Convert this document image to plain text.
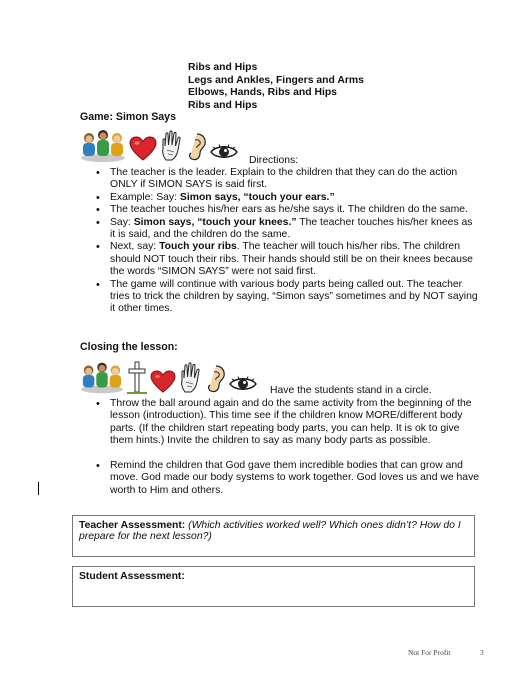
Ribs and Hips
Legs and Ankles, Fingers and Arms
Elbows, Hands, Ribs and Hips
Ribs and Hips
Game: Simon Says
Directions:
• The teacher is the leader. Explain to the children that they can do the action ONLY if SIMON SAYS is said first.
• Example: Say: Simon says, “touch your ears.”
• The teacher touches his/her ears as he/she says it. The children do the same.
• Say: Simon says, “touch your knees.” The teacher touches his/her knees as it is said, and the children do the same.
• Next, say: Touch your ribs. The teacher will touch his/her ribs. The children should NOT touch their ribs. Their hands should still be on their knees because the words “SIMON SAYS” were not said first.
• The game will continue with various body parts being called out. The teacher tries to trick the children by saying, “Simon says” sometimes and by NOT saying it other times.
Closing the lesson:
Have the students stand in a circle.
• Throw the ball around again and do the same activity from the beginning of the lesson (introduction). This time see if the children know MORE/different body parts. (If the children start repeating body parts, you can help. It is ok to give them hints.) Invite the children to say as many body parts as possible.
• Remind the children that God gave them incredible bodies that can grow and move. God made our body systems to work together. God loves us and we have worth to Him and others.
Teacher Assessment: (Which activities worked well? Which ones didn’t? How do I prepare for the next lesson?)
Student Assessment:
Not For Profit	3
